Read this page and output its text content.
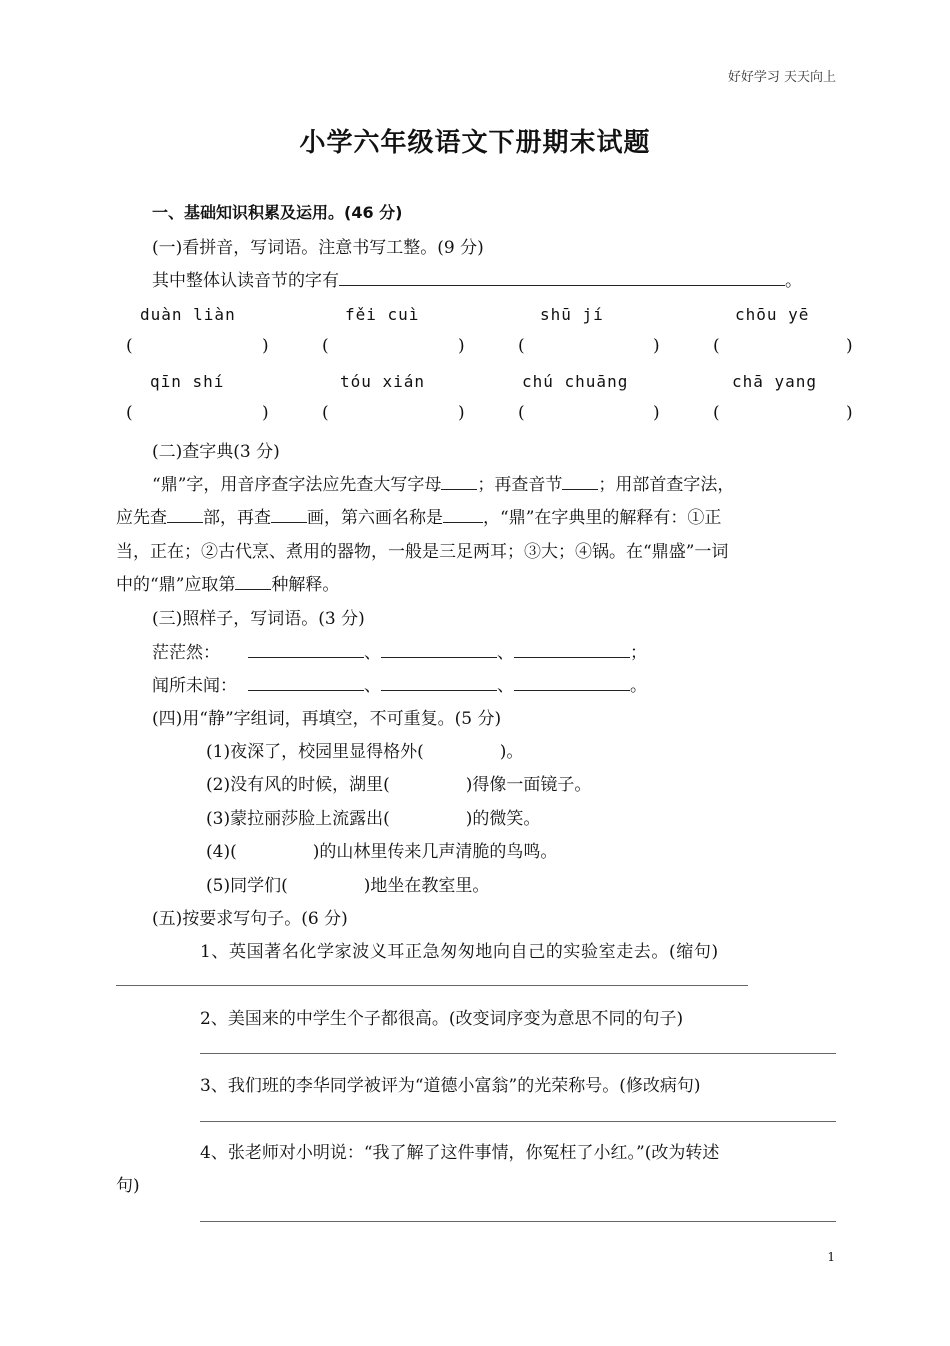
好好学习 天天向上
小学六年级语文下册期末试题
一、基础知识积累及运用。(46 分)
(一)看拼音，写词语。注意书写工整。(9 分)
其中整体认读音节的字有	。
duàn liàn	fěi cuì	shū jí	chōu yē
(	)	(	)	(	)	(	)
qīn shí	tóu xián	chú chuāng	chā yang
(	)	(	)	(	)	(	)
(二)查字典(3 分)
“鼎”字，用音序查字法应先查大写字母 ；再查音节 ；用部首查字法，
应先查 部，再查 画，第六画名称是 ，“鼎”在字典里的解释有：①正
当，正在；②古代烹、煮用的器物，一般是三足两耳；③大；④锅。在“鼎盛”一词
中的“鼎”应取第 种解释。
(三)照样子，写词语。(3 分)
茫茫然：	、	、	；
闻所未闻：	、	、	。
(四)用“静”字组词，再填空，不可重复。(5 分)
(1)夜深了，校园里显得格外(	)。
(2)没有风的时候，湖里(	)得像一面镜子。
(3)蒙拉丽莎脸上流露出(	)的微笑。
(4)(	)的山林里传来几声清脆的鸟鸣。
(5)同学们(	)地坐在教室里。
(五)按要求写句子。(6 分)
1、英国著名化学家波义耳正急匆匆地向自己的实验室走去。(缩句)
2、美国来的中学生个子都很高。(改变词序变为意思不同的句子)
3、我们班的李华同学被评为“道德小富翁”的光荣称号。(修改病句)
4、张老师对小明说：“我了解了这件事情，你冤枉了小红。”(改为转述
句)
1
